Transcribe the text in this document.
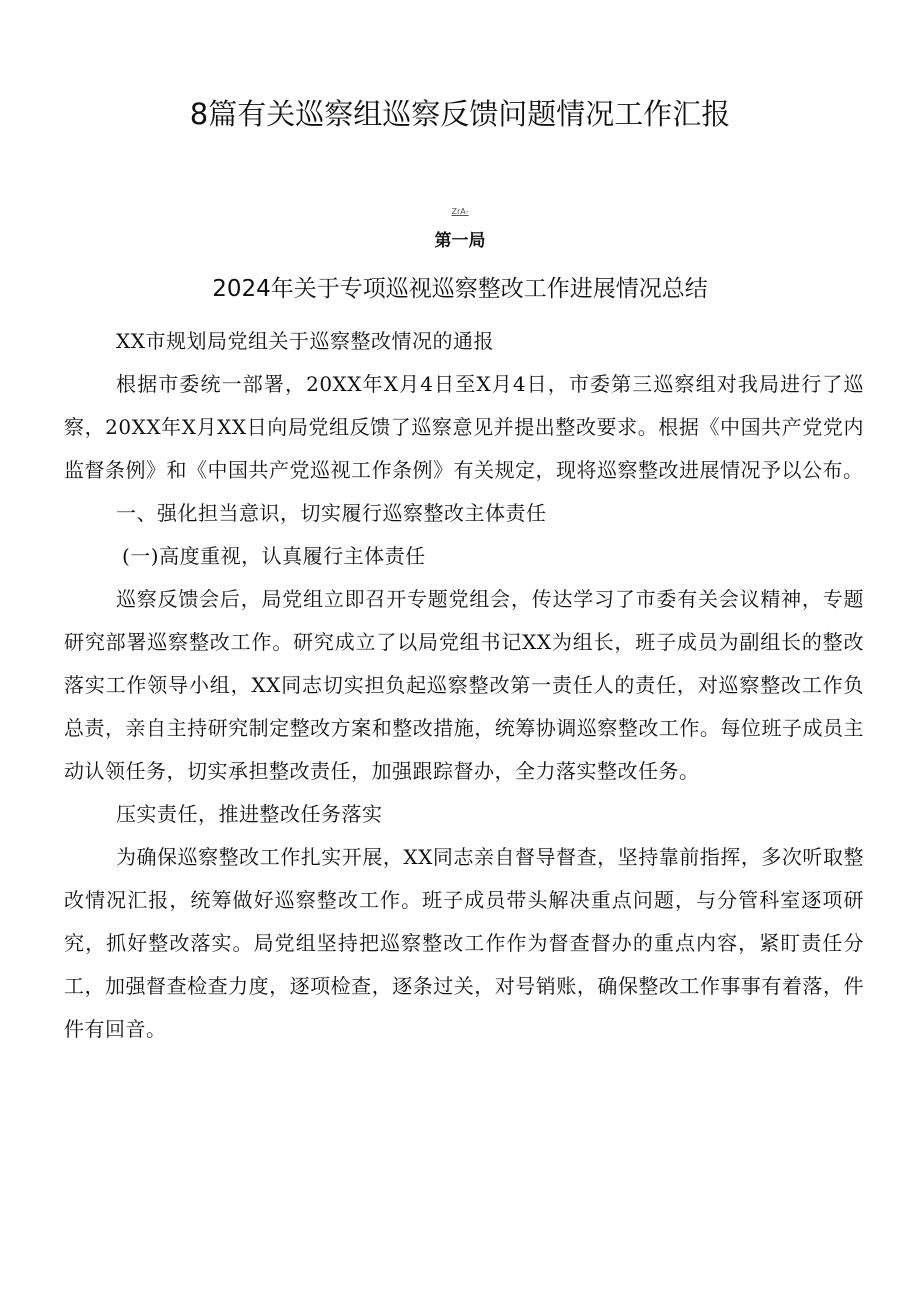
8篇有关巡察组巡察反馈问题情况工作汇报
ZrA-
第一局
2024年关于专项巡视巡察整改工作进展情况总结

XX市规划局党组关于巡察整改情况的通报

根据市委统一部署，20XX年X月4日至X月4日，市委第三巡察组对我局进行了巡察，20XX年X月XX日向局党组反馈了巡察意见并提出整改要求。根据《中国共产党党内监督条例》和《中国共产党巡视工作条例》有关规定，现将巡察整改进展情况予以公布。

一、强化担当意识，切实履行巡察整改主体责任

(一)高度重视，认真履行主体责任

巡察反馈会后，局党组立即召开专题党组会，传达学习了市委有关会议精神，专题研究部署巡察整改工作。研究成立了以局党组书记XX为组长，班子成员为副组长的整改落实工作领导小组，XX同志切实担负起巡察整改第一责任人的责任，对巡察整改工作负总责，亲自主持研究制定整改方案和整改措施，统筹协调巡察整改工作。每位班子成员主动认领任务，切实承担整改责任，加强跟踪督办，全力落实整改任务。

压实责任，推进整改任务落实

为确保巡察整改工作扎实开展，XX同志亲自督导督查，坚持靠前指挥，多次听取整改情况汇报，统筹做好巡察整改工作。班子成员带头解决重点问题，与分管科室逐项研究，抓好整改落实。局党组坚持把巡察整改工作作为督查督办的重点内容，紧盯责任分工，加强督查检查力度，逐项检查，逐条过关，对号销账，确保整改工作事事有着落，件件有回音。
